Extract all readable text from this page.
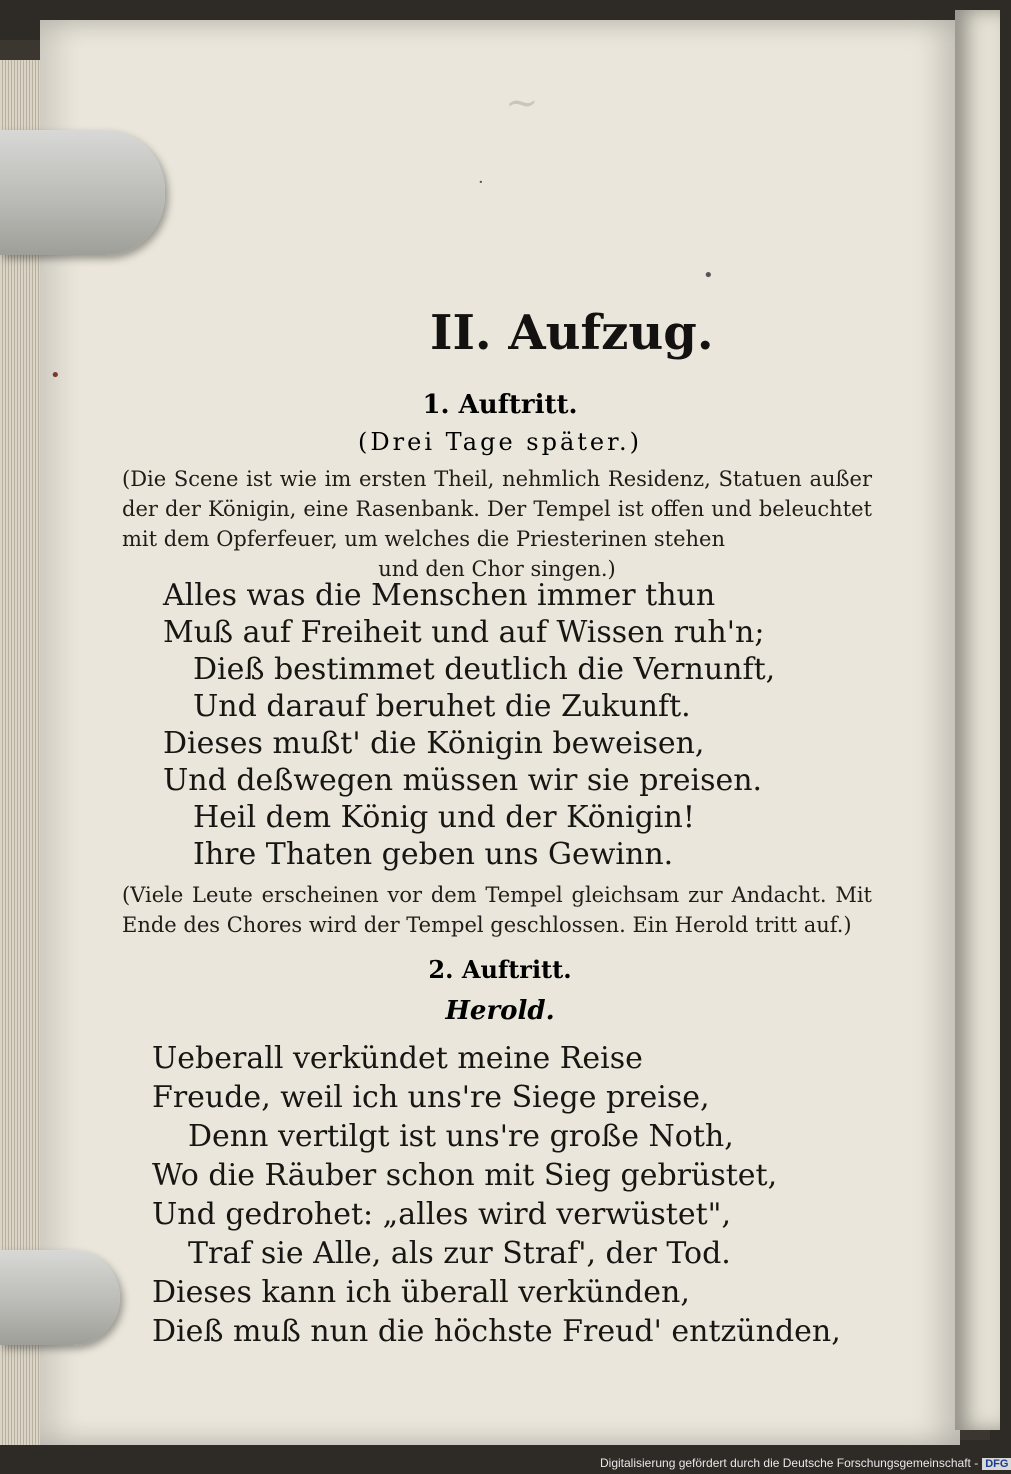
~
·
•
•
II. Aufzug.
1. Auftritt.
(Drei Tage später.)
(Die Scene ist wie im ersten Theil, nehmlich Residenz, Statuen außer der der Königin, eine Rasenbank. Der Tempel ist offen und beleuchtet mit dem Opferfeuer, um welches die Priesterinen stehen
und den Chor singen.)
Alles was die Menschen immer thun
Muß auf Freiheit und auf Wissen ruh'n;
Dieß bestimmet deutlich die Vernunft,
Und darauf beruhet die Zukunft.
Dieses mußt' die Königin beweisen,
Und deßwegen müssen wir sie preisen.
Heil dem König und der Königin!
Ihre Thaten geben uns Gewinn.
(Viele Leute erscheinen vor dem Tempel gleichsam zur Andacht. Mit Ende des Chores wird der Tempel geschlossen. Ein Herold tritt auf.)
2. Auftritt.
Herold.
Ueberall verkündet meine Reise
Freude, weil ich uns're Siege preise,
Denn vertilgt ist uns're große Noth,
Wo die Räuber schon mit Sieg gebrüstet,
Und gedrohet: „alles wird verwüstet",
Traf sie Alle, als zur Straf', der Tod.
Dieses kann ich überall verkünden,
Dieß muß nun die höchste Freud' entzünden,
Digitalisierung gefördert durch die Deutsche Forschungsgemeinschaft - DFG
